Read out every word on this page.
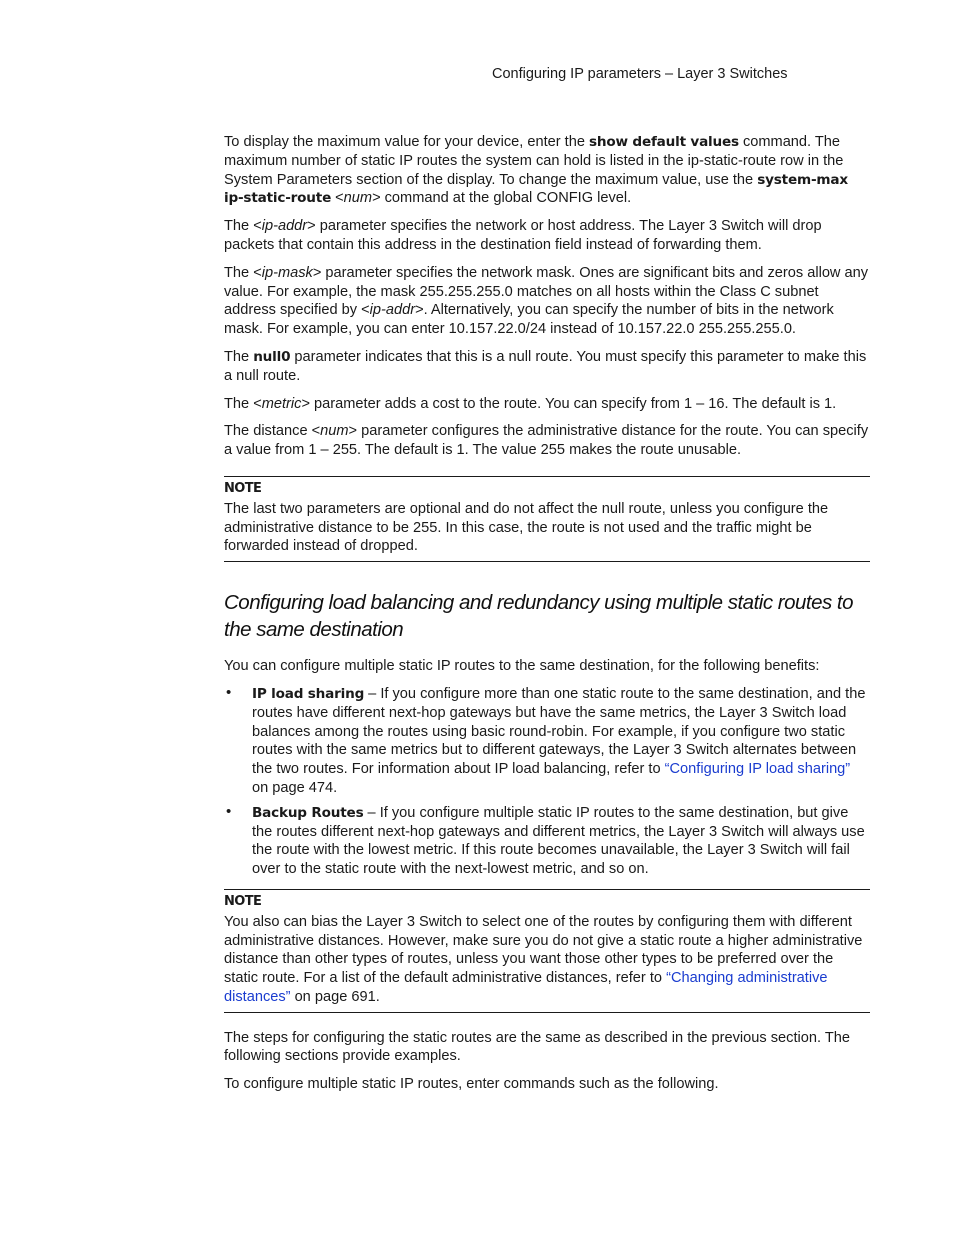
Configuring IP parameters – Layer 3 Switches

To display the maximum value for your device, enter the show default values command. The maximum number of static IP routes the system can hold is listed in the ip-static-route row in the System Parameters section of the display. To change the maximum value, use the system-max ip-static-route <num> command at the global CONFIG level.

The <ip-addr> parameter specifies the network or host address. The Layer 3 Switch will drop packets that contain this address in the destination field instead of forwarding them.

The <ip-mask> parameter specifies the network mask. Ones are significant bits and zeros allow any value. For example, the mask 255.255.255.0 matches on all hosts within the Class C subnet address specified by <ip-addr>. Alternatively, you can specify the number of bits in the network mask. For example, you can enter 10.157.22.0/24 instead of 10.157.22.0 255.255.255.0.

The null0 parameter indicates that this is a null route. You must specify this parameter to make this a null route.

The <metric> parameter adds a cost to the route. You can specify from 1 – 16. The default is 1.

The distance <num> parameter configures the administrative distance for the route. You can specify a value from 1 – 255. The default is 1. The value 255 makes the route unusable.

NOTE

The last two parameters are optional and do not affect the null route, unless you configure the administrative distance to be 255. In this case, the route is not used and the traffic might be forwarded instead of dropped.

Configuring load balancing and redundancy using multiple static routes to the same destination

You can configure multiple static IP routes to the same destination, for the following benefits:

• IP load sharing – If you configure more than one static route to the same destination, and the routes have different next-hop gateways but have the same metrics, the Layer 3 Switch load balances among the routes using basic round-robin. For example, if you configure two static routes with the same metrics but to different gateways, the Layer 3 Switch alternates between the two routes. For information about IP load balancing, refer to “Configuring IP load sharing” on page 474.
• Backup Routes – If you configure multiple static IP routes to the same destination, but give the routes different next-hop gateways and different metrics, the Layer 3 Switch will always use the route with the lowest metric. If this route becomes unavailable, the Layer 3 Switch will fail over to the static route with the next-lowest metric, and so on.
NOTE

You also can bias the Layer 3 Switch to select one of the routes by configuring them with different administrative distances. However, make sure you do not give a static route a higher administrative distance than other types of routes, unless you want those other types to be preferred over the static route. For a list of the default administrative distances, refer to “Changing administrative distances” on page 691.

The steps for configuring the static routes are the same as described in the previous section. The following sections provide examples.

To configure multiple static IP routes, enter commands such as the following.
